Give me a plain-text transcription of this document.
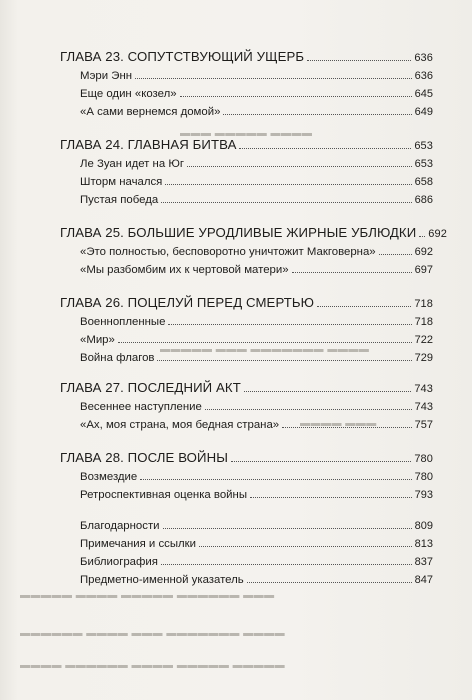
▬▬▬ ▬▬▬▬▬ ▬▬▬▬
▬▬▬▬▬ ▬▬▬ ▬▬▬▬▬▬▬ ▬▬▬▬
▬▬▬▬ ▬▬▬
▬▬▬▬▬ ▬▬▬▬ ▬▬▬▬▬ ▬▬▬▬▬▬ ▬▬▬
▬▬▬▬▬▬ ▬▬▬▬ ▬▬▬ ▬▬▬▬▬▬▬ ▬▬▬▬
▬▬▬▬ ▬▬▬▬▬▬ ▬▬▬▬ ▬▬▬▬▬ ▬▬▬▬▬
ГЛАВА 23. СОПУТСТВУЮЩИЙ УЩЕРБ	636
Мэри Энн	636
Еще один «козел»	645
«А сами вернемся домой»	649
ГЛАВА 24. ГЛАВНАЯ БИТВА	653
Ле Зуан идет на Юг	653
Шторм начался	658
Пустая победа	686
ГЛАВА 25. БОЛЬШИЕ УРОДЛИВЫЕ ЖИРНЫЕ УБЛЮДКИ 692
«Это полностью, бесповоротно уничтожит Макговерна»	692
«Мы разбомбим их к чертовой матери»	697
ГЛАВА 26. ПОЦЕЛУЙ ПЕРЕД СМЕРТЬЮ	718
Военнопленные	718
«Мир»	722
Война флагов	729
ГЛАВА 27. ПОСЛЕДНИЙ АКТ	743
Весеннее наступление	743
«Ах, моя страна, моя бедная страна»	757
ГЛАВА 28. ПОСЛЕ ВОЙНЫ	780
Возмездие	780
Ретроспективная оценка войны	793
Благодарности	809
Примечания и ссылки	813
Библиография	837
Предметно-именной указатель	847
